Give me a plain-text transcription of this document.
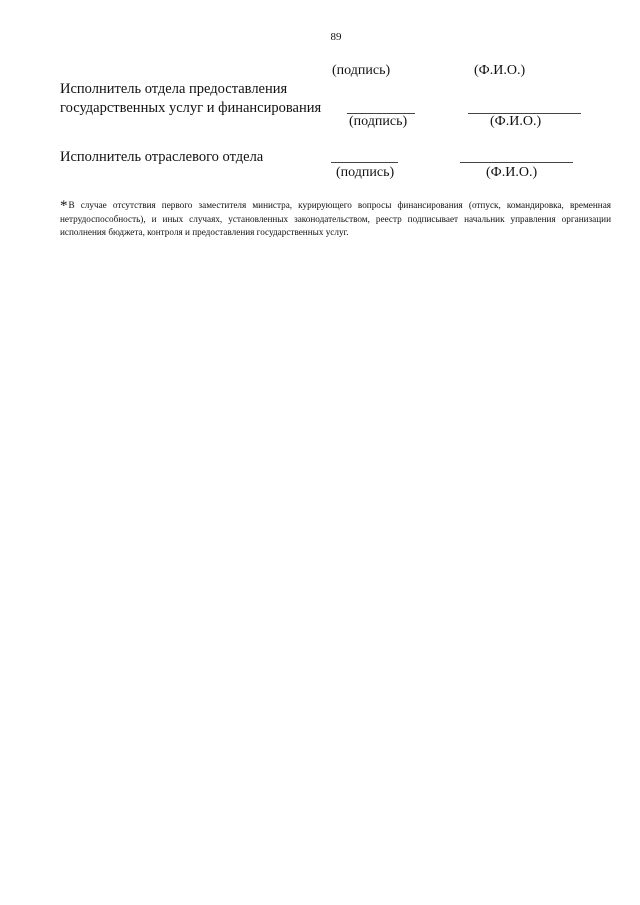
89
(подпись)	(Ф.И.О.)
Исполнитель отдела предоставления
государственных услуг и финансирования
(подпись)	(Ф.И.О.)
Исполнитель отраслевого отдела
(подпись)	(Ф.И.О.)
*В случае отсутствия первого заместителя министра, курирующего вопросы финансирования (отпуск, командировка, временная нетрудоспособность), и иных случаях, установленных законодательством, реестр подписывает начальник управления организации исполнения бюджета, контроля и предоставления государственных услуг.
